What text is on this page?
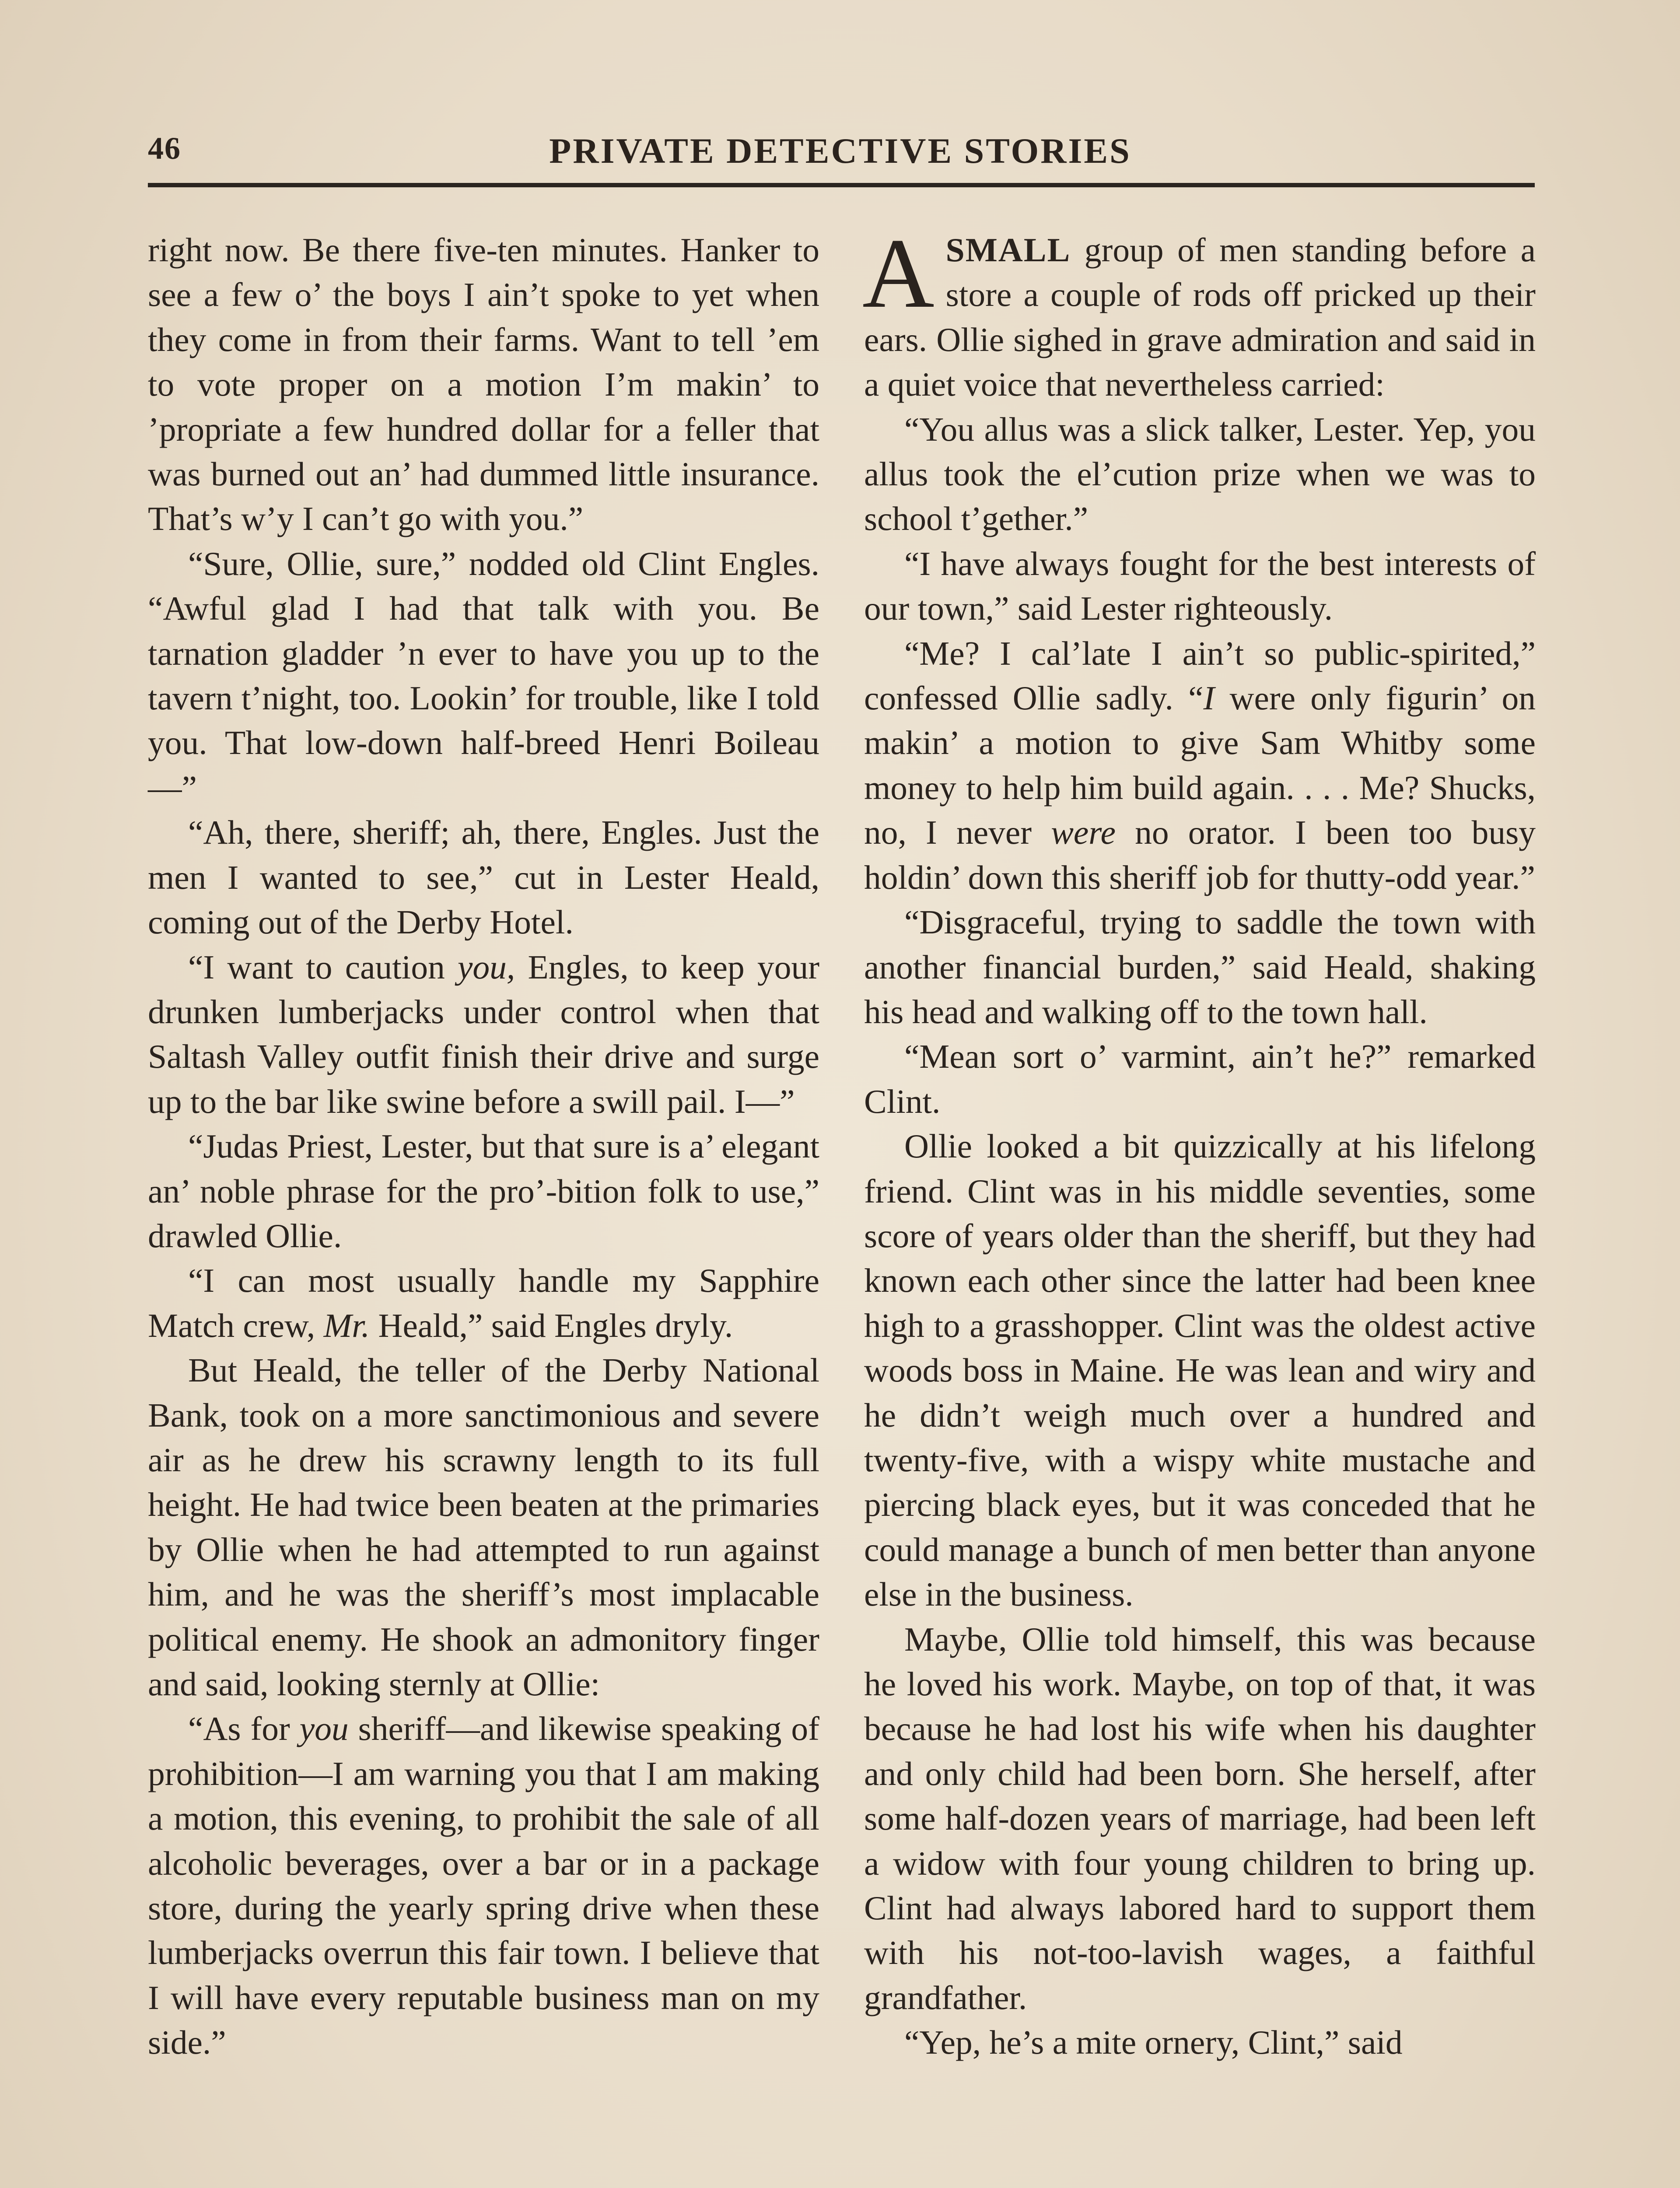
46	PRIVATE DETECTIVE STORIES

right now. Be there five-ten minutes. Hanker to see a few o’ the boys I ain’t spoke to yet when they come in from their farms. Want to tell ’em to vote proper on a motion I’m makin’ to ’propriate a few hundred dollar for a feller that was burned out an’ had dummed little insurance. That’s w’y I can’t go with you.”

“Sure, Ollie, sure,” nodded old Clint Engles. “Awful glad I had that talk with you. Be tarnation gladder ’n ever to have you up to the tavern t’night, too. Lookin’ for trouble, like I told you. That low-down half-breed Henri Boileau—”

“Ah, there, sheriff; ah, there, Engles. Just the men I wanted to see,” cut in Lester Heald, coming out of the Derby Hotel.

“I want to caution you, Engles, to keep your drunken lumberjacks under control when that Saltash Valley outfit finish their drive and surge up to the bar like swine before a swill pail. I—”

“Judas Priest, Lester, but that sure is a’ elegant an’ noble phrase for the pro’-bition folk to use,” drawled Ollie.

“I can most usually handle my Sapphire Match crew, Mr. Heald,” said Engles dryly.

But Heald, the teller of the Derby National Bank, took on a more sanctimonious and severe air as he drew his scrawny length to its full height. He had twice been beaten at the primaries by Ollie when he had attempted to run against him, and he was the sheriff’s most implacable political enemy. He shook an admonitory finger and said, looking sternly at Ollie:

“As for you sheriff—and likewise speaking of prohibition—I am warning you that I am making a motion, this evening, to prohibit the sale of all alcoholic beverages, over a bar or in a package store, during the yearly spring drive when these lumberjacks overrun this fair town. I believe that I will have every reputable business man on my side.”

ASMALL group of men standing before a store a couple of rods off pricked up their ears. Ollie sighed in grave admiration and said in a quiet voice that nevertheless carried:

“You allus was a slick talker, Lester. Yep, you allus took the el’cution prize when we was to school t’gether.”

“I have always fought for the best interests of our town,” said Lester righteously.

“Me? I cal’late I ain’t so public-spirited,” confessed Ollie sadly. “I were only figurin’ on makin’ a motion to give Sam Whitby some money to help him build again. . . . Me? Shucks, no, I never were no orator. I been too busy holdin’ down this sheriff job for thutty-odd year.”

“Disgraceful, trying to saddle the town with another financial burden,” said Heald, shaking his head and walking off to the town hall.

“Mean sort o’ varmint, ain’t he?” remarked Clint.

Ollie looked a bit quizzically at his lifelong friend. Clint was in his middle seventies, some score of years older than the sheriff, but they had known each other since the latter had been knee high to a grasshopper. Clint was the oldest active woods boss in Maine. He was lean and wiry and he didn’t weigh much over a hundred and twenty-five, with a wispy white mustache and piercing black eyes, but it was conceded that he could manage a bunch of men better than anyone else in the business.

Maybe, Ollie told himself, this was because he loved his work. Maybe, on top of that, it was because he had lost his wife when his daughter and only child had been born. She herself, after some half-dozen years of marriage, had been left a widow with four young children to bring up. Clint had always labored hard to support them with his not-too-lavish wages, a faithful grandfather.

“Yep, he’s a mite ornery, Clint,” said
